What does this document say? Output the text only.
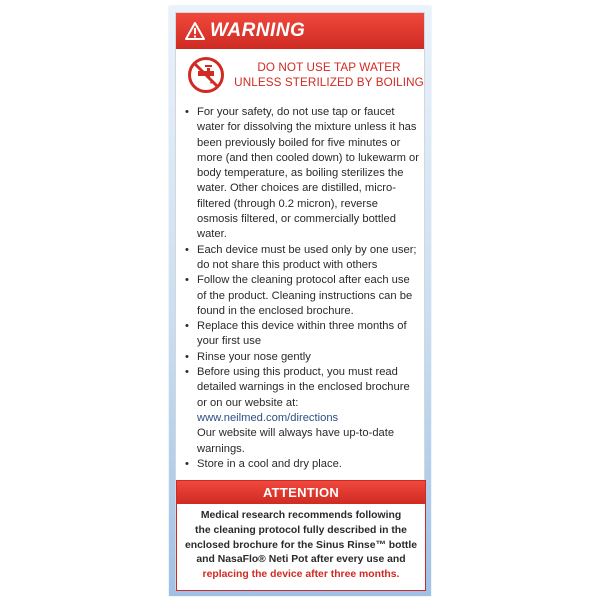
WARNING
DO NOT USE TAP WATER
UNLESS STERILIZED BY BOILING
• For your safety, do not use tap or faucet water for dissolving the mixture unless it has been previously boiled for five minutes or more (and then cooled down) to lukewarm or body temperature, as boiling sterilizes the water. Other choices are distilled, micro-filtered (through 0.2 micron), reverse osmosis filtered, or commercially bottled water.
• Each device must be used only by one user; do not share this product with others
• Follow the cleaning protocol after each use of the product. Cleaning instructions can be found in the enclosed brochure.
• Replace this device within three months of your first use
• Rinse your nose gently
• Before using this product, you must read detailed warnings in the enclosed brochure or on our website at:
www.neilmed.com/directions
Our website will always have up-to-date warnings.
• Store in a cool and dry place.
ATTENTION
Medical research recommends following
the cleaning protocol fully described in the
enclosed brochure for the Sinus Rinse™ bottle
and NasaFlo® Neti Pot after every use and
replacing the device after three months.
